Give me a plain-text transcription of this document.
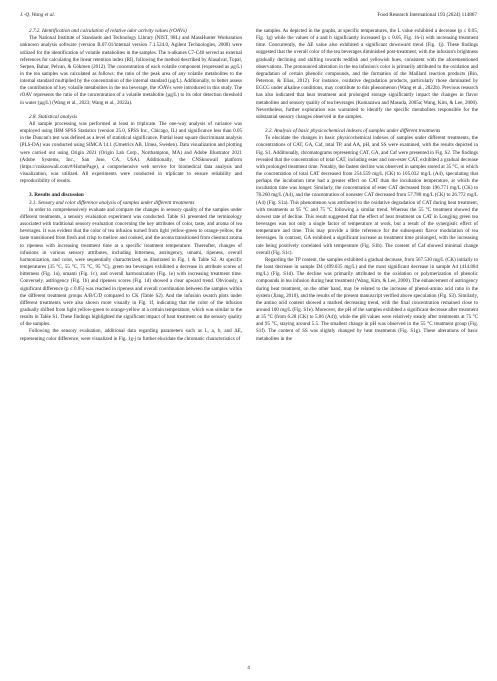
J.-Q. Wang et al.	Food Research International 193 (2024) 114867

2.7.2. Identification and calculation of relative odor activity values (rOAVs)

The National Institute of Standards and Technology Library (NIST, 98L) and MassHunter Workstation unknown analysis software (version B.07.01/internal version 7.1.524.0, Agilent Technologies, 2008) were utilized for the identification of volatile metabolites in the samples. The n-alkanes C7-C40 served as external references for calculating the linear retention index (RI), following the method described by Alasalvar, Topal, Serpen, Bahar, Pelvan, & Gökmen (2012). The concentration of each volatile component (expressed as µg/L) in the tea samples was calculated as follows: the ratio of the peak area of any volatile metabolites to the internal standard multiplied by the concentration of the internal standard (µg/L). Additionally, to better assess the contribution of key volatile metabolites in the tea beverage, the rOAVs were introduced in this study. The rOAV represents the ratio of the concentration of a volatile metabolite (µg/L) to its odor detection threshold in water (µg/L) (Wang et al., 2023; Wang et al., 2022a).

2.8. Statistical analysis

All sample processing was performed at least in triplicate. The one-way analysis of variance was employed using IBM SPSS Statistics (version 25.0, SPSS Inc., Chicago, IL) and significance less than 0.05 in the Duncan's test was defined as a level of statistical significance. Partial least square discriminant analysis (PLS-DA) was conducted using SIMCA 14.1 (Umetrics AB, Umea, Sweden). Data visualization and plotting were carried out using Origin 2021 (Origin Lab Corp., Northampton, MA) and Adobe Illustrator 2021 (Adobe Systems, Inc., San Jose, CA, USA). Additionally, the CNSknowall platform (https://cnsknowall.com/#/HomePage), a comprehensive web service for biomedical data analysis and visualization, was utilized. All experiments were conducted in triplicate to ensure reliability and reproducibility of results.

3. Results and discussion

3.1. Sensory and color difference analysis of samples under different treatments

In order to comprehensively evaluate and compare the changes in sensory quality of the samples under different treatments, a sensory evaluation experiment was conducted. Table S1 presented the terminology associated with traditional sensory evaluation concerning the key attributes of color, taste, and aroma of tea beverages. It was evident that the color of tea infusion turned from light yellow-green to orange-yellow, the taste transitioned from fresh and crisp to mellow and cooked, and the aroma transitioned from chestnut aroma to ripeness with increasing treatment time at a specific treatment temperature. Thereafter, changes of infusions in various sensory attributes, including bitterness, astringency, umami, ripeness, overall harmonization, and color, were sequentially characterized, as illustrated in Fig. 1 & Table S2. At specific temperatures (35 °C, 55 °C, 75 °C, 95 °C), green tea beverages exhibited a decrease in attribute scores of bitterness (Fig. 1a), umami (Fig. 1c), and overall harmonization (Fig. 1e) with increasing treatment time. Conversely, astringency (Fig. 1b) and ripeness scores (Fig. 1d) showed a clear upward trend. Obviously, a significant difference (p ≤ 0.05) was reached in ripeness and overall coordination between the samples within the different treatment groups A/B/C/D compared to CK (Table S2). And the infusion swatch plots under different treatments were also shown more visually in Fig. 1f, indicating that the color of the infusion gradually shifted from light yellow-green to orange-yellow at a certain temperature, which was similar to the results in Table S1. These findings highlighted the significant impact of heat treatment on the sensory quality of the samples.

Following the sensory evaluation, additional data regarding parameters such as L, a, b, and ΔE, representing color difference, were visualized in Fig. 1g-j to further elucidate the chromatic characteristics of

the samples. As depicted in the graphs, at specific temperatures, the L value exhibited a decrease (p ≤ 0.05, Fig. 1g) while the values of a and b significantly increased (p ≤ 0.05, Fig. 1h-i) with increasing treatment time. Concurrently, the ΔE value also exhibited a significant downward trend (Fig. 1j). These findings suggested that the overall color of the tea beverages diminished post-treatment, with the infusion's brightness gradually declining and shifting towards reddish and yellowish hues, consistent with the aforementioned observations. The pronounced alteration in the tea infusion's color is primarily attributed to the oxidation and degradation of certain phenolic compounds, and the formation of the Maillard reaction products (Bin, Peterson, & Elias, 2012). For instance, oxidative degradation products, particularly those dominated by EGCG under alkaline conditions, may contribute to this phenomenon (Wang et al., 2022b). Previous research has also indicated that heat treatment and prolonged storage significantly impact the changes in flavor metabolites and sensory quality of tea beverages (Kumazawa and Masuda, 2005a; Wang, Kim, & Lee, 2000). Nevertheless, further exploration was warranted to identify the specific metabolites responsible for the substantial sensory changes observed in the samples.

3.2. Analysis of basic physicochemical indexes of samples under different treatments

To elucidate the changes in basic physicochemical indexes of samples under different treatments, the concentrations of CAT, GA, Caf, total TP, and AA, pH, and SS were examined, with the results depicted in Fig. S1. Additionally, chromatograms representing CAT, GA, and Caf were presented in Fig. S2. The findings revealed that the concentration of total CAT, including ester and non-ester CAT, exhibited a gradual decrease with prolonged treatment time. Notably, the fastest decline was observed in samples stored at 35 °C, in which the concentration of total CAT decreased from 254.559 mg/L (CK) to 105.032 mg/L (A4), speculating that perhaps the incubation time had a greater effect on CAT than the incubation temperature, at which the incubation time was longer. Similarly, the concentration of ester CAT decreased from 196.771 mg/L (CK) to 78.260 mg/L (A4), and the concentration of nonester CAT decreased from 57.788 mg/L (CK) to 26.772 mg/L (A4) (Fig. S1a). This phenomenon was attributed to the oxidative degradation of CAT during heat treatment, with treatments at 95 °C and 75 °C following a similar trend. Whereas the 55 °C treatment showed the slowest rate of decline. This result suggested that the effect of heat treatment on CAT in Longjing green tea beverages was not only a single factor of temperature at work, but a result of the synergistic effect of temperature and time. This may provide a little reference for the subsequent flavor modulation of tea beverages. In contrast, GA exhibited a significant increase as treatment time prolonged, with the increasing rate being positively correlated with temperature (Fig. S1b). The content of Caf showed minimal change overall (Fig. S1c).

Regarding the TP content, the samples exhibited a gradual decrease, from 567.530 mg/L (CK) initially to the least decrease in sample D4 (499.035 mg/L) and the most significant decrease in sample A4 (414.884 mg/L) (Fig. S1d). The decline was primarily attributed to the oxidation or polymerization of phenolic compounds in tea infusion during heat treatment (Wang, Kim, & Lee, 2000). The enhancement of astringency during heat treatment, on the other hand, may be related to the increase of phenol-amino acid ratio in the system (Jiang, 2010), and the results of the present manuscript verified above speculation (Fig. S3). Similarly, the amino acid content showed a marked decreasing trend, with the final concentration remained close to around 100 mg/L (Fig. S1e). Moreover, the pH of the samples exhibited a significant decrease after treatment at 35 °C (from 6.28 (CK) to 5.06 (A4)), while the pH values were relatively steady after treatments at 75 °C and 95 °C, staying around 5.5. The smallest change in pH was observed in the 55 °C treatment group (Fig. S1f). The content of SS was slightly changed by heat treatments (Fig. S1g). These alterations of basic metabolites in the

4
